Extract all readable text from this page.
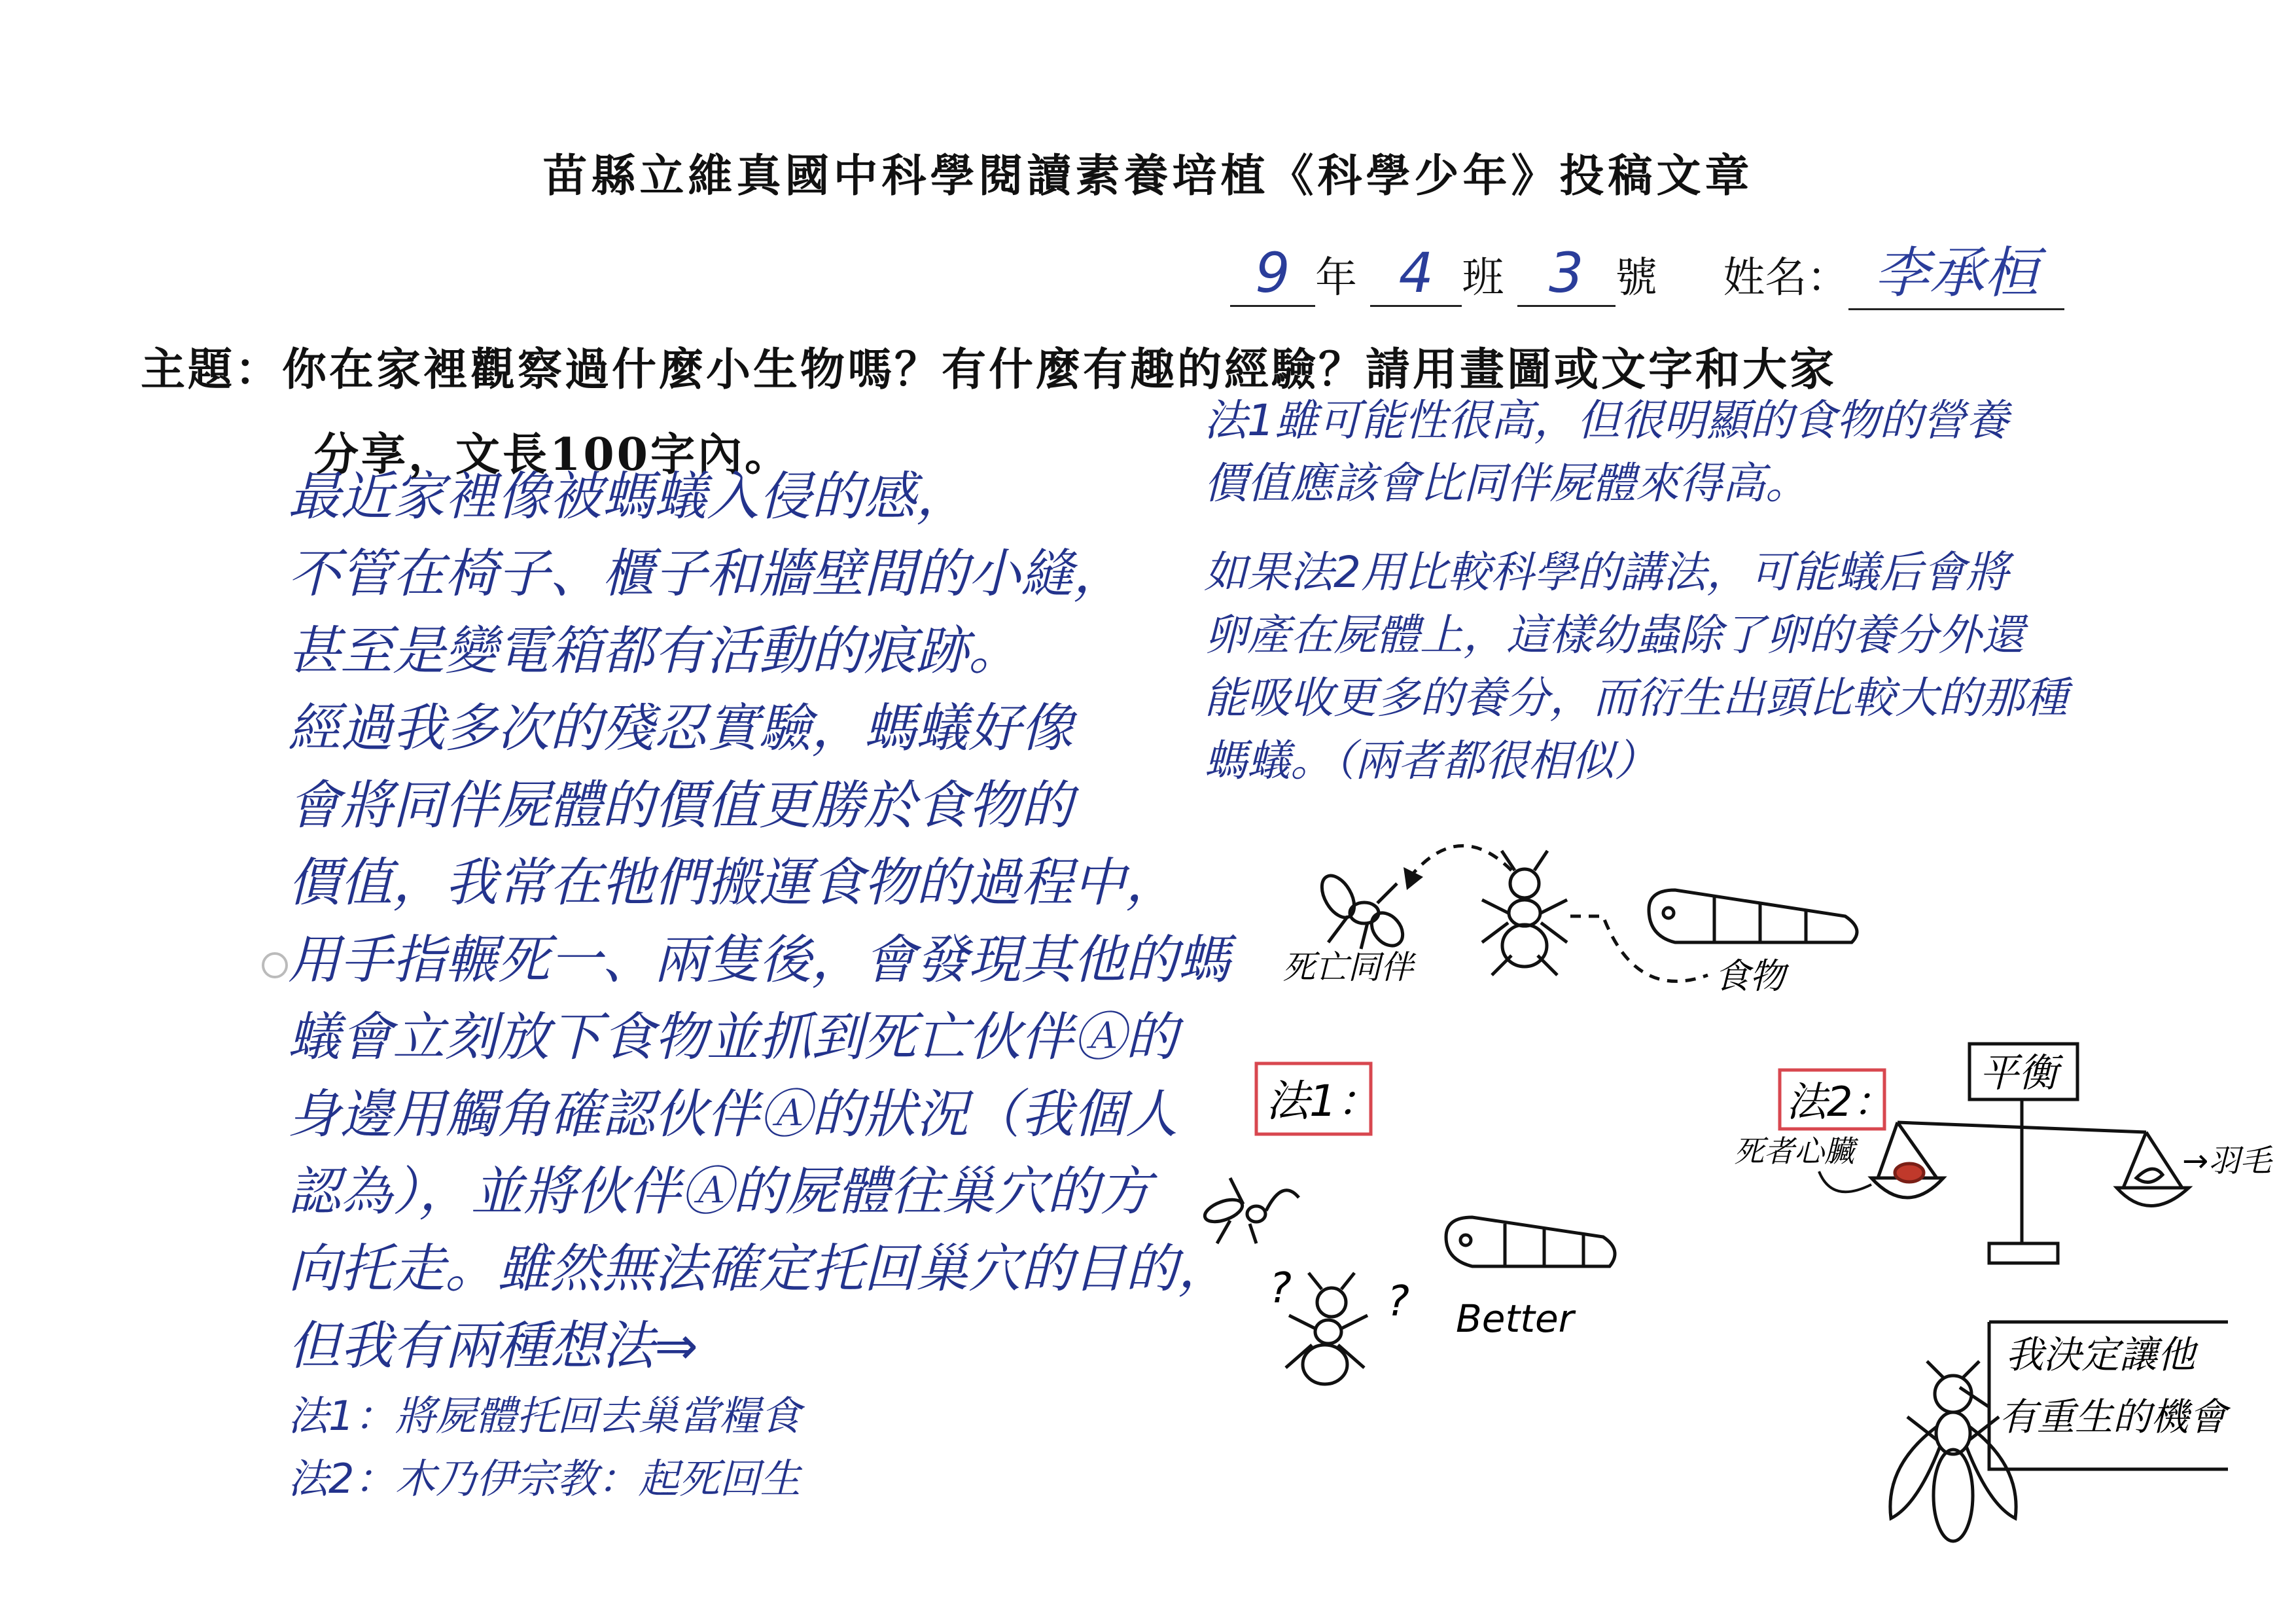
苗縣立維真國中科學閱讀素養培植《科學少年》投稿文章
9 年 4 班 3 號 姓名： 李承桓
主題：你在家裡觀察過什麼小生物嗎？有什麼有趣的經驗？請用畫圖或文字和大家
分享，文長100字內。
最近家裡像被螞蟻入侵的感，
不管在椅子、櫃子和牆壁間的小縫，
甚至是變電箱都有活動的痕跡。
經過我多次的殘忍實驗，螞蟻好像
會將同伴屍體的價值更勝於食物的
價值，我常在牠們搬運食物的過程中，
用手指輾死一、兩隻後，會發現其他的螞
蟻會立刻放下食物並抓到死亡伙伴Ⓐ的
身邊用觸角確認伙伴Ⓐ的狀況（我個人
認為），並將伙伴Ⓐ的屍體往巢穴的方
向托走。雖然無法確定托回巢穴的目的，
但我有兩種想法⇒
法1：將屍體托回去巢當糧食
法2：木乃伊宗教：起死回生
法1雖可能性很高，但很明顯的食物的營養
價值應該會比同伴屍體來得高。
如果法2用比較科學的講法，可能蟻后會將
卵產在屍體上，這樣幼蟲除了卵的養分外還
能吸收更多的養分，而衍生出頭比較大的那種
螞蟻。（兩者都很相似）
死亡同伴	食物
法1：
? ? Better
法2：
平衡
死者心臟	→羽毛
我決定讓他
有重生的機會
